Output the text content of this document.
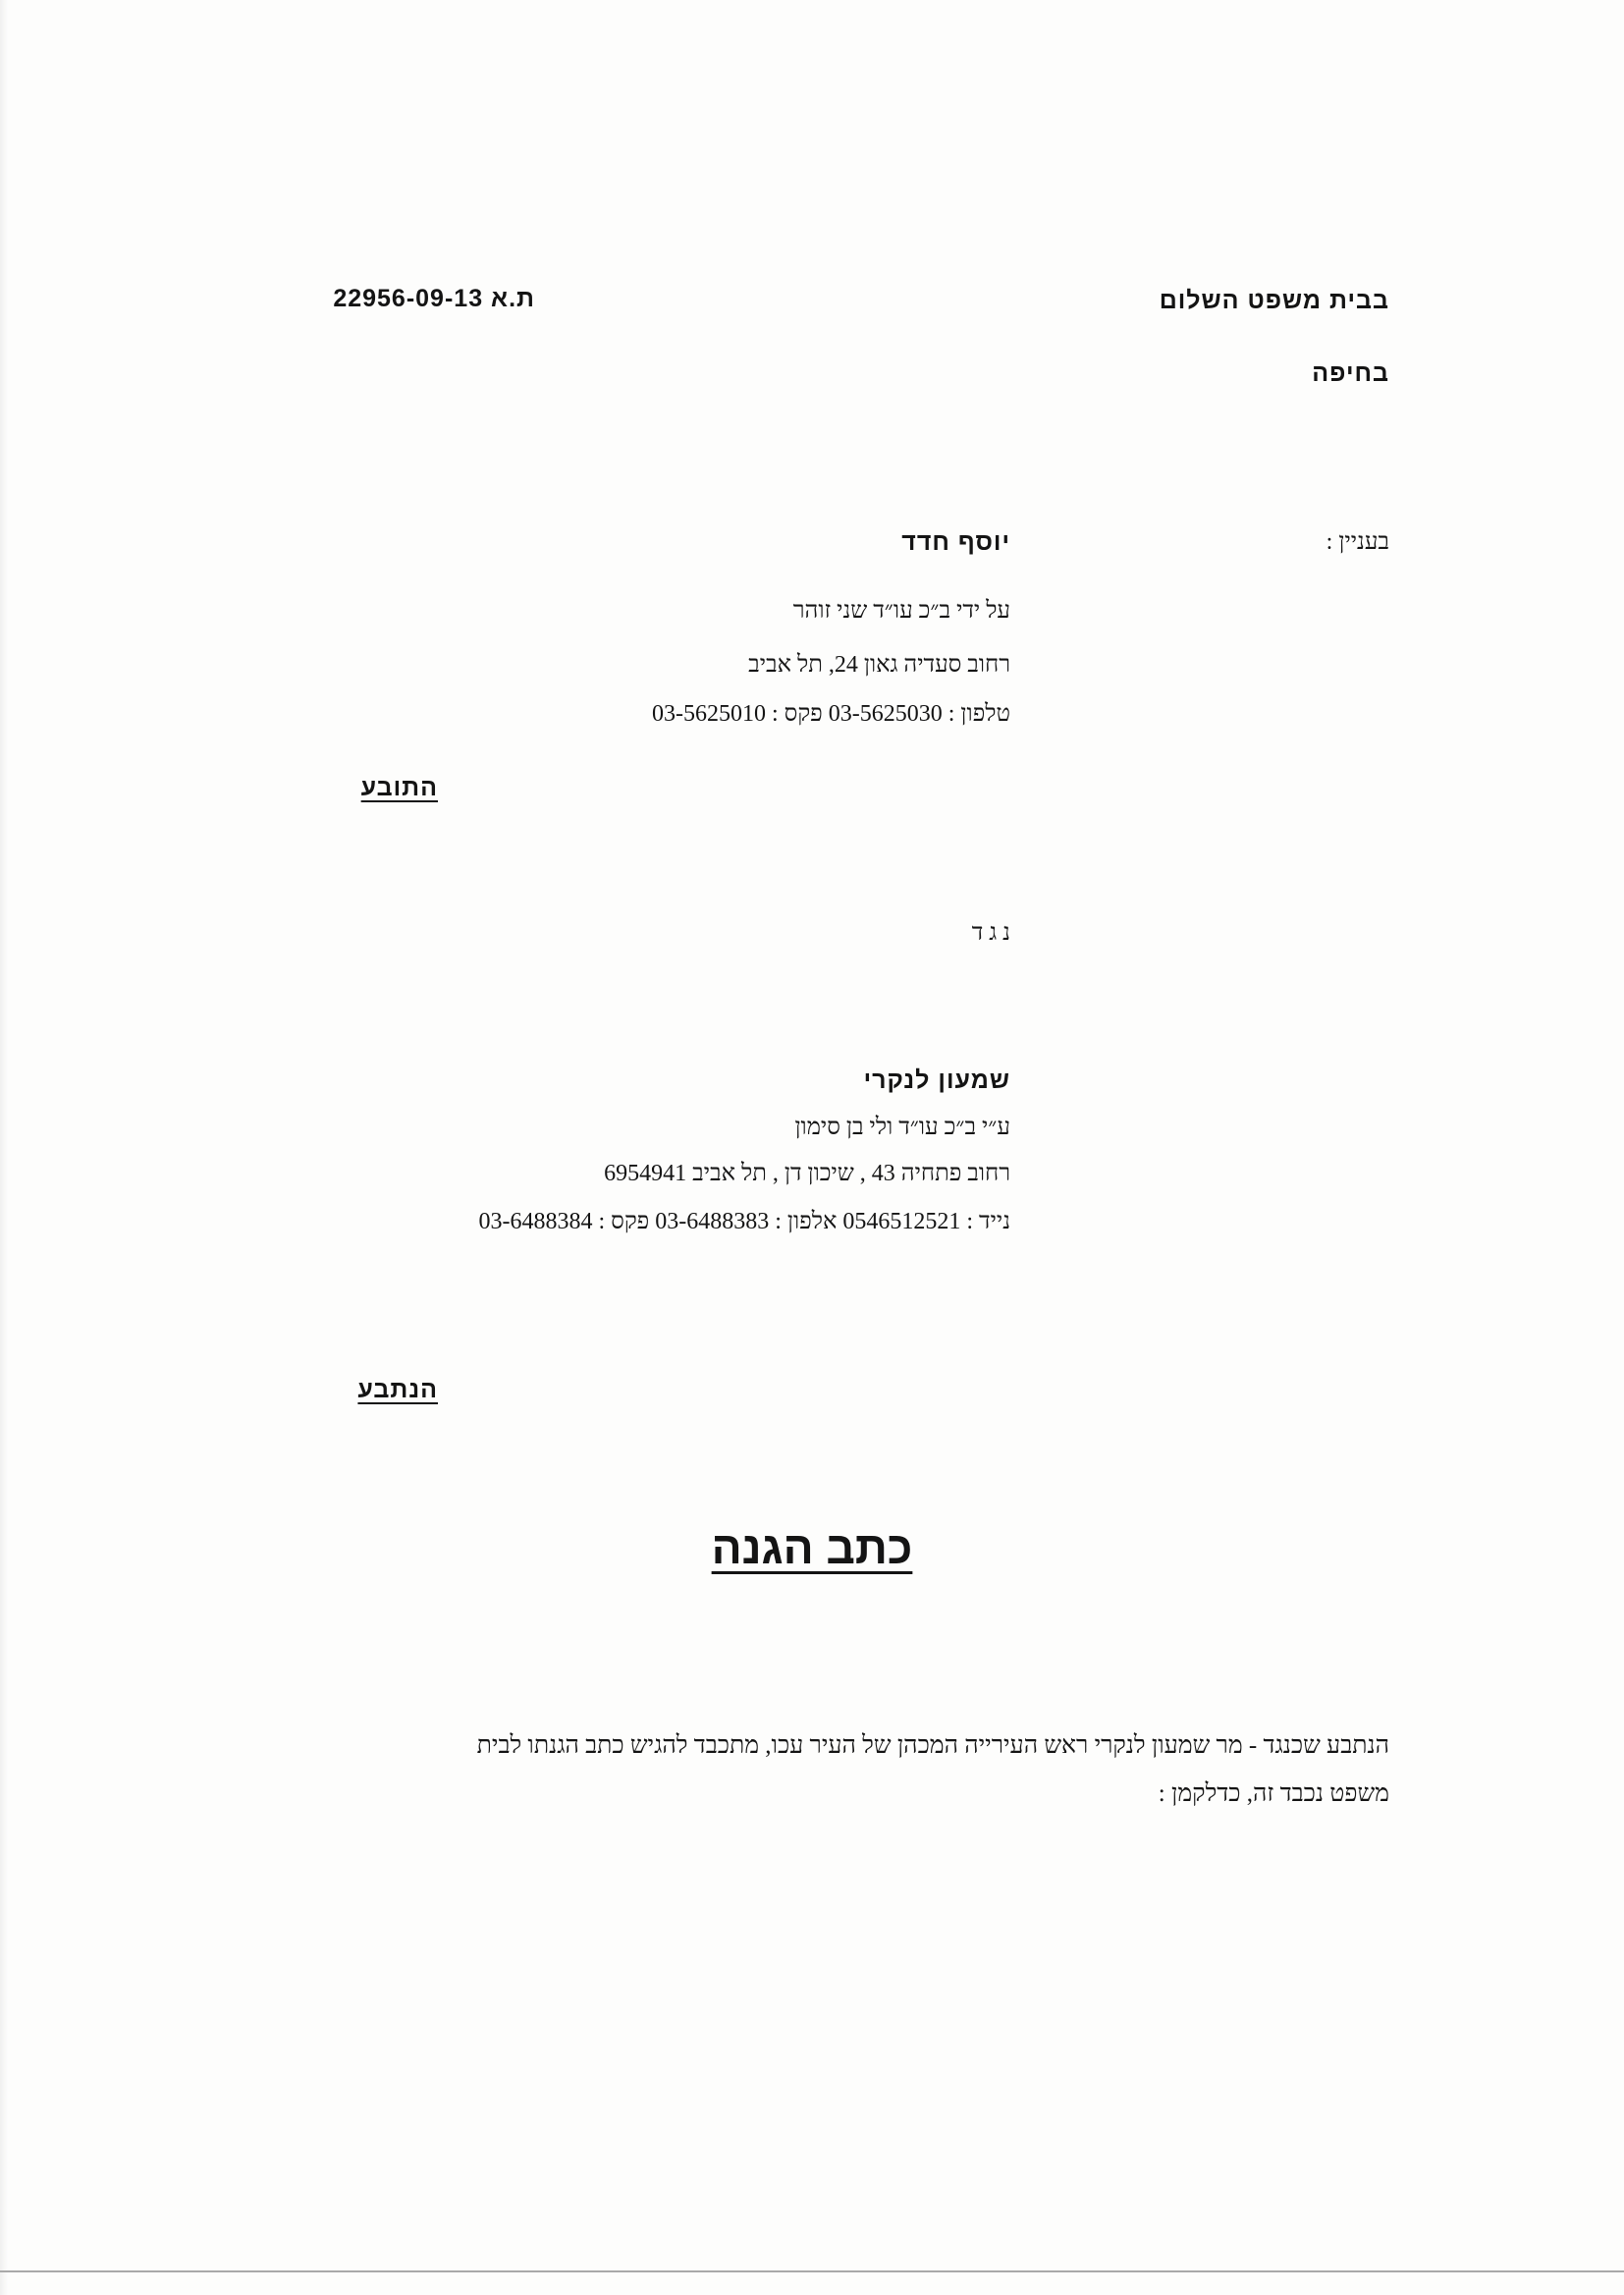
בבית משפט השלום
ת.א 22956-09-13
בחיפה
בעניין :
יוסף חדד
על ידי ב״כ עו״ד שני זוהר
רחוב סעדיה גאון 24, תל אביב
טלפון : 03-5625030 פקס : 03-5625010
התובע
נ ג ד
שמעון לנקרי
ע״י ב״כ עו״ד ולי בן סימון
רחוב פתחיה 43 , שיכון דן , תל אביב 6954941
נייד : 0546512521 אלפון : 03-6488383 פקס : 03-6488384
הנתבע
כתב הגנה
הנתבע שכנגד - מר שמעון לנקרי ראש העירייה המכהן של העיר עכו, מתכבד להגיש כתב הגנתו לבית
משפט נכבד זה, כדלקמן :
